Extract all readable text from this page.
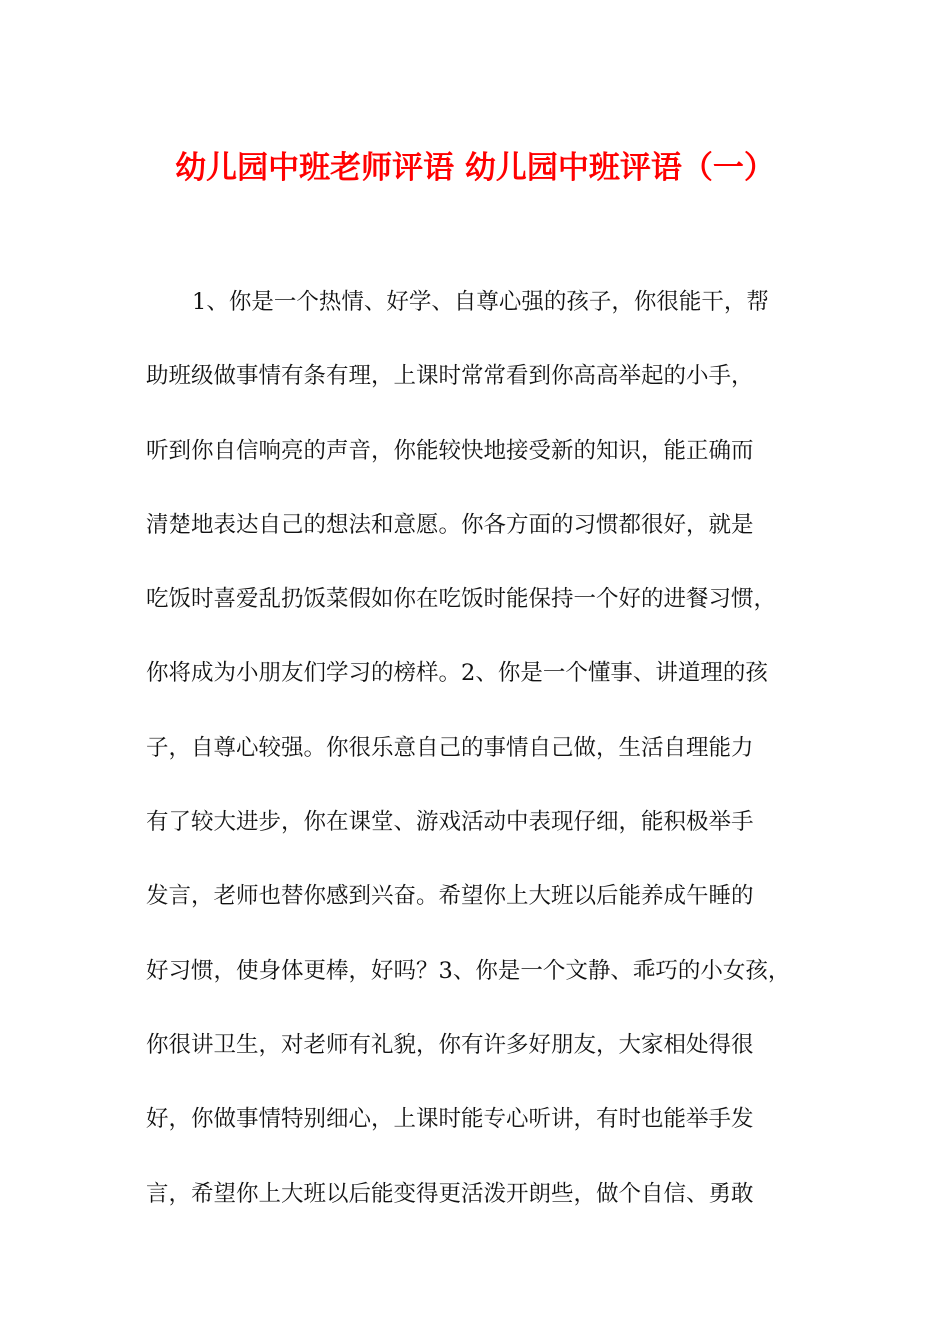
幼儿园中班老师评语 幼儿园中班评语（一）
1、你是一个热情、好学、自尊心强的孩子，你很能干，帮
助班级做事情有条有理，上课时常常看到你高高举起的小手，
听到你自信响亮的声音，你能较快地接受新的知识，能正确而
清楚地表达自己的想法和意愿。你各方面的习惯都很好，就是
吃饭时喜爱乱扔饭菜假如你在吃饭时能保持一个好的进餐习惯，
你将成为小朋友们学习的榜样。2、你是一个懂事、讲道理的孩
子，自尊心较强。你很乐意自己的事情自己做，生活自理能力
有了较大进步，你在课堂、游戏活动中表现仔细，能积极举手
发言，老师也替你感到兴奋。希望你上大班以后能养成午睡的
好习惯，使身体更棒，好吗？3、你是一个文静、乖巧的小女孩，
你很讲卫生，对老师有礼貌，你有许多好朋友，大家相处得很
好，你做事情特别细心，上课时能专心听讲，有时也能举手发
言，希望你上大班以后能变得更活泼开朗些，做个自信、勇敢
